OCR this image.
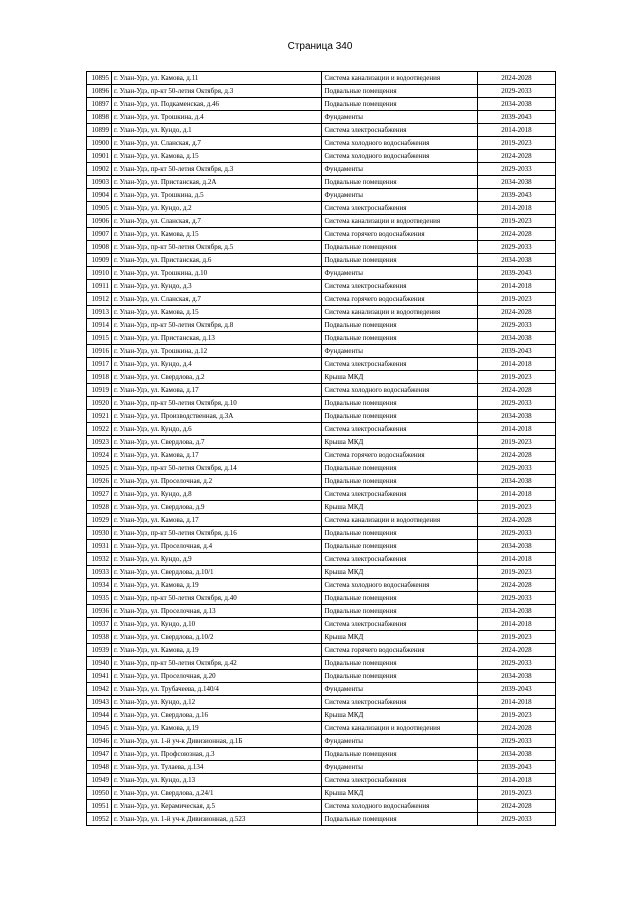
Страница 340
10895	г. Улан-Удэ, ул. Камова, д.11	Система канализации и водоотведения	2024-2028
10896	г. Улан-Удэ, пр-кт 50-летия Октября, д.3	Подвальные помещения	2029-2033
10897	г. Улан-Удэ, ул. Подкаменская, д.46	Подвальные помещения	2034-2038
10898	г. Улан-Удэ, ул. Трошкина, д.4	Фундаменты	2039-2043
10899	г. Улан-Удэ, ул. Кундо, д.1	Система электроснабжения	2014-2018
10900	г. Улан-Удэ, ул. Сланская, д.7	Система холодного водоснабжения	2019-2023
10901	г. Улан-Удэ, ул. Камова, д.15	Система холодного водоснабжения	2024-2028
10902	г. Улан-Удэ, пр-кт 50-летия Октября, д.3	Фундаменты	2029-2033
10903	г. Улан-Удэ, ул. Пристанская, д.2А	Подвальные помещения	2034-2038
10904	г. Улан-Удэ, ул. Трошкина, д.5	Фундаменты	2039-2043
10905	г. Улан-Удэ, ул. Кундо, д.2	Система электроснабжения	2014-2018
10906	г. Улан-Удэ, ул. Сланская, д.7	Система канализации и водоотведения	2019-2023
10907	г. Улан-Удэ, ул. Камова, д.15	Система горячего водоснабжения	2024-2028
10908	г. Улан-Удэ, пр-кт 50-летия Октября, д.5	Подвальные помещения	2029-2033
10909	г. Улан-Удэ, ул. Пристанская, д.6	Подвальные помещения	2034-2038
10910	г. Улан-Удэ, ул. Трошкина, д.10	Фундаменты	2039-2043
10911	г. Улан-Удэ, ул. Кундо, д.3	Система электроснабжения	2014-2018
10912	г. Улан-Удэ, ул. Сланская, д.7	Система горячего водоснабжения	2019-2023
10913	г. Улан-Удэ, ул. Камова, д.15	Система канализации и водоотведения	2024-2028
10914	г. Улан-Удэ, пр-кт 50-летия Октября, д.8	Подвальные помещения	2029-2033
10915	г. Улан-Удэ, ул. Пристанская, д.13	Подвальные помещения	2034-2038
10916	г. Улан-Удэ, ул. Трошкина, д.12	Фундаменты	2039-2043
10917	г. Улан-Удэ, ул. Кундо, д.4	Система электроснабжения	2014-2018
10918	г. Улан-Удэ, ул. Свердлова, д.2	Крыша МКД	2019-2023
10919	г. Улан-Удэ, ул. Камова, д.17	Система холодного водоснабжения	2024-2028
10920	г. Улан-Удэ, пр-кт 50-летия Октября, д.10	Подвальные помещения	2029-2033
10921	г. Улан-Удэ, ул. Производственная, д.3А	Подвальные помещения	2034-2038
10922	г. Улан-Удэ, ул. Кундо, д.6	Система электроснабжения	2014-2018
10923	г. Улан-Удэ, ул. Свердлова, д.7	Крыша МКД	2019-2023
10924	г. Улан-Удэ, ул. Камова, д.17	Система горячего водоснабжения	2024-2028
10925	г. Улан-Удэ, пр-кт 50-летия Октября, д.14	Подвальные помещения	2029-2033
10926	г. Улан-Удэ, ул. Проселочная, д.2	Подвальные помещения	2034-2038
10927	г. Улан-Удэ, ул. Кундо, д.8	Система электроснабжения	2014-2018
10928	г. Улан-Удэ, ул. Свердлова, д.9	Крыша МКД	2019-2023
10929	г. Улан-Удэ, ул. Камова, д.17	Система канализации и водоотведения	2024-2028
10930	г. Улан-Удэ, пр-кт 50-летия Октября, д.16	Подвальные помещения	2029-2033
10931	г. Улан-Удэ, ул. Проселочная, д.4	Подвальные помещения	2034-2038
10932	г. Улан-Удэ, ул. Кундо, д.9	Система электроснабжения	2014-2018
10933	г. Улан-Удэ, ул. Свердлова, д.10/1	Крыша МКД	2019-2023
10934	г. Улан-Удэ, ул. Камова, д.19	Система холодного водоснабжения	2024-2028
10935	г. Улан-Удэ, пр-кт 50-летия Октября, д.40	Подвальные помещения	2029-2033
10936	г. Улан-Удэ, ул. Проселочная, д.13	Подвальные помещения	2034-2038
10937	г. Улан-Удэ, ул. Кундо, д.10	Система электроснабжения	2014-2018
10938	г. Улан-Удэ, ул. Свердлова, д.10/2	Крыша МКД	2019-2023
10939	г. Улан-Удэ, ул. Камова, д.19	Система горячего водоснабжения	2024-2028
10940	г. Улан-Удэ, пр-кт 50-летия Октября, д.42	Подвальные помещения	2029-2033
10941	г. Улан-Удэ, ул. Проселочная, д.20	Подвальные помещения	2034-2038
10942	г. Улан-Удэ, ул. Трубачеева, д.140/4	Фундаменты	2039-2043
10943	г. Улан-Удэ, ул. Кундо, д.12	Система электроснабжения	2014-2018
10944	г. Улан-Удэ, ул. Свердлова, д.16	Крыша МКД	2019-2023
10945	г. Улан-Удэ, ул. Камова, д.19	Система канализации и водоотведения	2024-2028
10946	г. Улан-Удэ, ул. 1-й уч-к Дивизионная, д.1Б	Фундаменты	2029-2033
10947	г. Улан-Удэ, ул. Профсоюзная, д.3	Подвальные помещения	2034-2038
10948	г. Улан-Удэ, ул. Тулаева, д.134	Фундаменты	2039-2043
10949	г. Улан-Удэ, ул. Кундо, д.13	Система электроснабжения	2014-2018
10950	г. Улан-Удэ, ул. Свердлова, д.24/1	Крыша МКД	2019-2023
10951	г. Улан-Удэ, ул. Керамическая, д.5	Система холодного водоснабжения	2024-2028
10952	г. Улан-Удэ, ул. 1-й уч-к Дивизионная, д.523	Подвальные помещения	2029-2033
